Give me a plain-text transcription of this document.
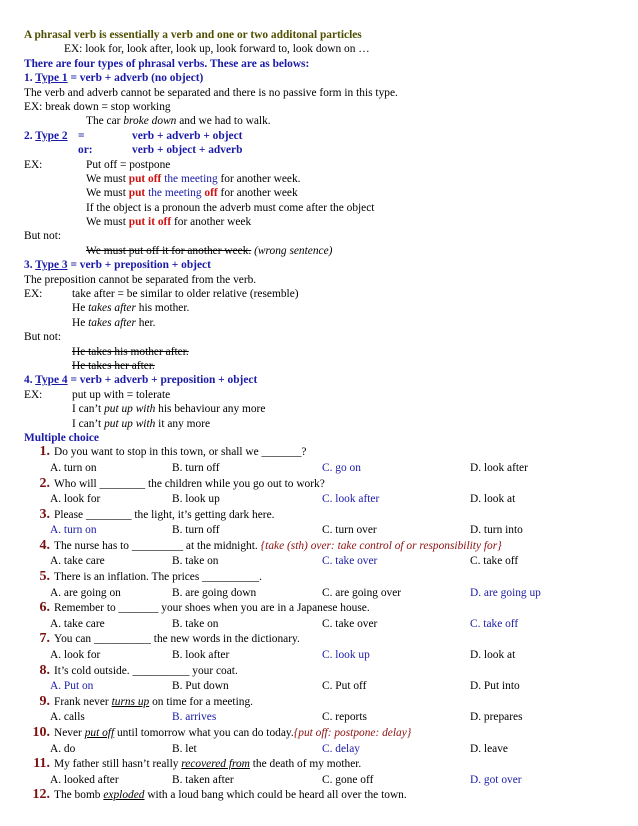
A phrasal verb is essentially a verb and one or two additonal particles
EX: look for, look after, look up, look forward to, look down on …
There are four types of phrasal verbs. These are as belows:
1. Type 1 = verb + adverb (no object)
The verb and adverb cannot be separated and there is no passive form in this type.
EX: break down = stop working
The car broke down and we had to walk.
2. Type 2=	verb + adverb + object
or:	verb + object + adverb
EX:	Put off = postpone
We must put off the meeting for another week.
We must put the meeting off for another week
If the object is a pronoun the adverb must come after the object
We must put it off for another week
But not:
We must put off it for another week. (wrong sentence)
3. Type 3 = verb + preposition + object
The preposition cannot be separated from the verb.
EX:	take after = be similar to older relative (resemble)
He takes after his mother.
He takes after her.
But not:
He takes his mother after.
He takes her after.
4. Type 4 = verb + adverb + preposition + object
EX:	put up with = tolerate
I can’t put up with his behaviour any more
I can’t put up with it any more
Multiple choice
1. Do you want to stop in this town, or shall we _______?
A. turn on	B. turn off	C. go on	D. look after
2. Who will ________ the children while you go out to work?
A. look for	B. look up	C. look after	D. look at
3. Please ________ the light, it’s getting dark here.
A. turn on	B. turn off	C. turn over	D. turn into
4. The nurse has to _________ at the midnight. {take (sth) over: take control of or responsibility for}
A. take care	B. take on	C. take over	C. take off
5. There is an inflation. The prices __________.
A. are going on	B. are going down	C. are going over	D. are going up
6. Remember to _______ your shoes when you are in a Japanese house.
A. take care	B. take on	C. take over	C. take off
7. You can __________ the new words in the dictionary.
A. look for	B. look after	C. look up	D. look at
8. It’s cold outside. __________ your coat.
A. Put on	B. Put down	C. Put off	D. Put into
9. Frank never turns up on time for a meeting.
A. calls	B. arrives	C. reports	D. prepares
10. Never put off until tomorrow what you can do today.{put off: postpone: delay}
A. do	B. let	C. delay	D. leave
11. My father still hasn’t really recovered from the death of my mother.
A. looked after	B. taken after	C. gone off	D. got over
12. The bomb exploded with a loud bang which could be heard all over the town.
